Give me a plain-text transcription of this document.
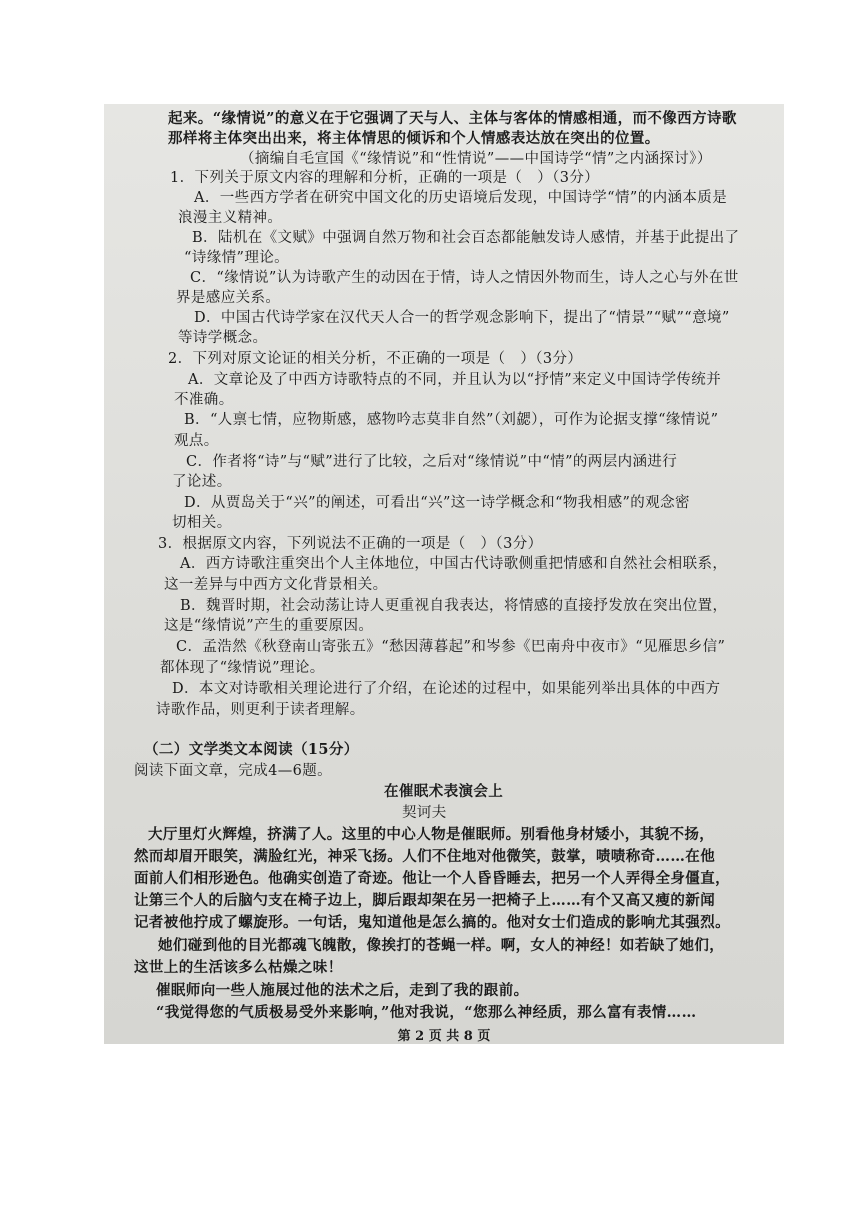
起来。“缘情说”的意义在于它强调了天与人、主体与客体的情感相通，而不像西方诗歌
那样将主体突出出来，将主体情思的倾诉和个人情感表达放在突出的位置。
（摘编自毛宣国《“缘情说”和“性情说”——中国诗学“情”之内涵探讨》）
1．下列关于原文内容的理解和分析，正确的一项是（　）（3分）
A．一些西方学者在研究中国文化的历史语境后发现，中国诗学“情”的内涵本质是
浪漫主义精神。
B．陆机在《文赋》中强调自然万物和社会百态都能触发诗人感情，并基于此提出了
“诗缘情”理论。
C．“缘情说”认为诗歌产生的动因在于情，诗人之情因外物而生，诗人之心与外在世
界是感应关系。
D．中国古代诗学家在汉代天人合一的哲学观念影响下，提出了“情景”“赋”“意境”
等诗学概念。
2．下列对原文论证的相关分析，不正确的一项是（　）（3分）
A．文章论及了中西方诗歌特点的不同，并且认为以“抒情”来定义中国诗学传统并
不准确。
B．“人禀七情，应物斯感，感物吟志莫非自然”（刘勰），可作为论据支撑“缘情说”
观点。
C．作者将“诗”与“赋”进行了比较，之后对“缘情说”中“情”的两层内涵进行
了论述。
D．从贾岛关于“兴”的阐述，可看出“兴”这一诗学概念和“物我相感”的观念密
切相关。
3．根据原文内容，下列说法不正确的一项是（　）（3分）
A．西方诗歌注重突出个人主体地位，中国古代诗歌侧重把情感和自然社会相联系，
这一差异与中西方文化背景相关。
B．魏晋时期，社会动荡让诗人更重视自我表达，将情感的直接抒发放在突出位置，
这是“缘情说”产生的重要原因。
C．孟浩然《秋登南山寄张五》“愁因薄暮起”和岑参《巴南舟中夜市》“见雁思乡信”
都体现了“缘情说”理论。
D．本文对诗歌相关理论进行了介绍，在论述的过程中，如果能列举出具体的中西方
诗歌作品，则更利于读者理解。
（二）文学类文本阅读（15分）
阅读下面文章，完成4—6题。
在催眠术表演会上
契诃夫
大厅里灯火辉煌，挤满了人。这里的中心人物是催眠师。别看他身材矮小，其貌不扬，
然而却眉开眼笑，满脸红光，神采飞扬。人们不住地对他微笑，鼓掌，啧啧称奇……在他
面前人们相形逊色。他确实创造了奇迹。他让一个人昏昏睡去，把另一个人弄得全身僵直，
让第三个人的后脑勺支在椅子边上，脚后跟却架在另一把椅子上……有个又高又瘦的新闻
记者被他拧成了螺旋形。一句话，鬼知道他是怎么搞的。他对女士们造成的影响尤其强烈。
她们碰到他的目光都魂飞魄散，像挨打的苍蝇一样。啊，女人的神经！如若缺了她们，
这世上的生活该多么枯燥之味！
催眠师向一些人施展过他的法术之后，走到了我的跟前。
“我觉得您的气质极易受外来影响，”他对我说，“您那么神经质，那么富有表情……
第 2 页 共 8 页
